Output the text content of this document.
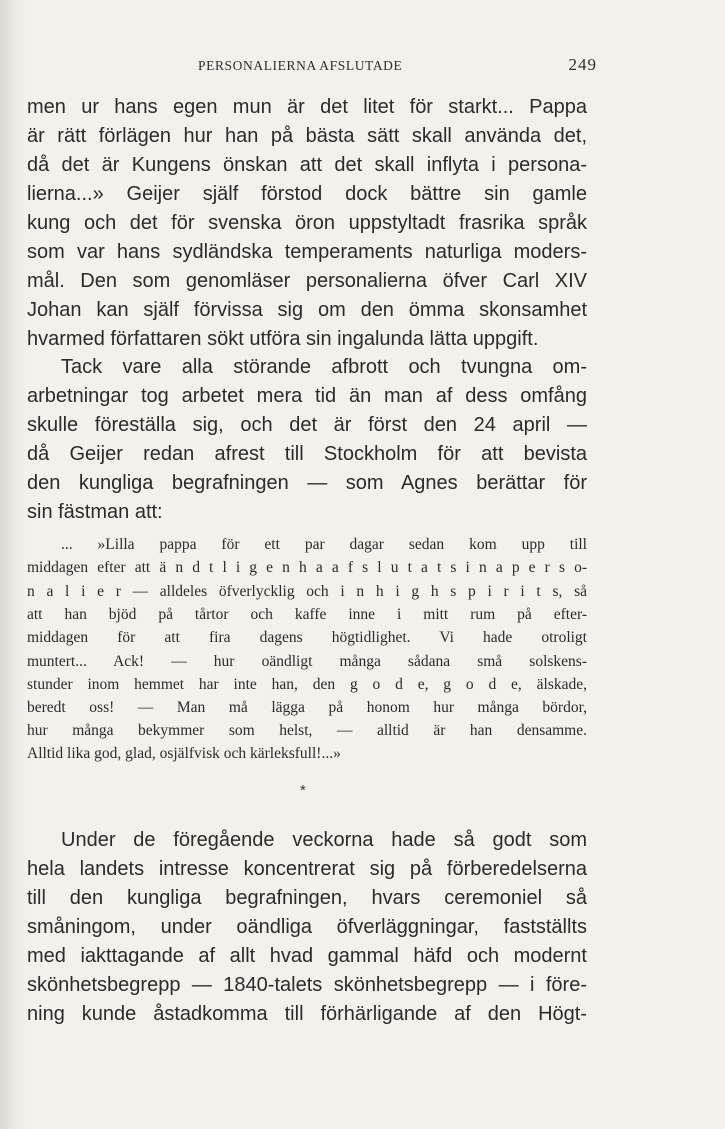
PERSONALIERNA AFSLUTADE	249
men ur hans egen mun är det litet för starkt... Pappa
är rätt förlägen hur han på bästa sätt skall använda det,
då det är Kungens önskan att det skall inflyta i persona-
lierna...» Geijer själf förstod dock bättre sin gamle
kung och det för svenska öron uppstyltadt frasrika språk
som var hans sydländska temperaments naturliga moders-
mål. Den som genomläser personalierna öfver Carl XIV
Johan kan själf förvissa sig om den ömma skonsamhet
hvarmed författaren sökt utföra sin ingalunda lätta uppgift.
Tack vare alla störande afbrott och tvungna om-
arbetningar tog arbetet mera tid än man af dess omfång
skulle föreställa sig, och det är först den 24 april —
då Geijer redan afrest till Stockholm för att bevista
den kungliga begrafningen — som Agnes berättar för
sin fästman att:
... »Lilla pappa för ett par dagar sedan kom upp till
middagen efter att ä n d t l i g e n h a a f s l u t a t s i n a p e r s o-
n a l i e r — alldeles öfverlycklig och i n h i g h s p i r i t s, så
att han bjöd på tårtor och kaffe inne i mitt rum på efter-
middagen för att fira dagens högtidlighet. Vi hade otroligt
muntert... Ack! — hur oändligt många sådana små solskens-
stunder inom hemmet har inte han, den g o d e, g o d e, älskade,
beredt oss! — Man må lägga på honom hur många bördor,
hur många bekymmer som helst, — alltid är han densamme.
Alltid lika god, glad, osjälfvisk och kärleksfull!...»
*
Under de föregående veckorna hade så godt som
hela landets intresse koncentrerat sig på förberedelserna
till den kungliga begrafningen, hvars ceremoniel så
småningom, under oändliga öfverläggningar, fastställts
med iakttagande af allt hvad gammal häfd och modernt
skönhetsbegrepp — 1840-talets skönhetsbegrepp — i före-
ning kunde åstadkomma till förhärligande af den Högt-
